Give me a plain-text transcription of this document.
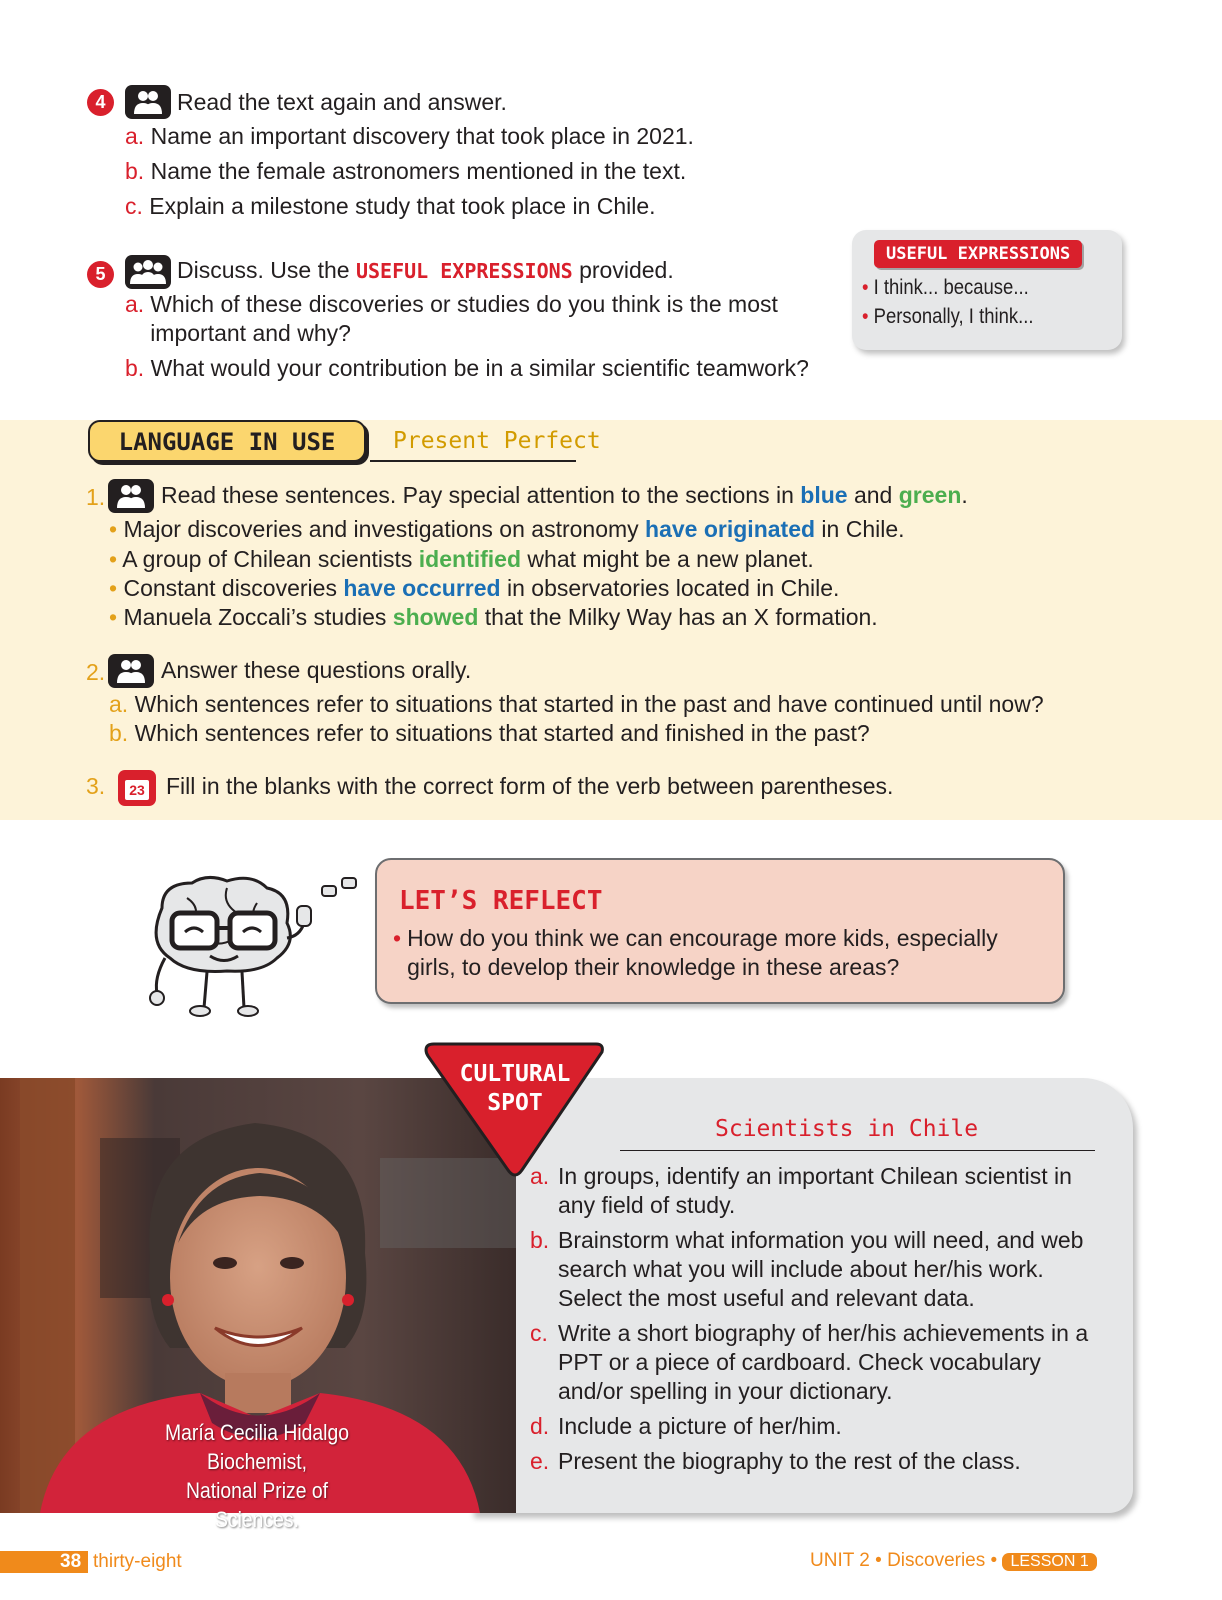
4	Read the text again and answer.
a. Name an important discovery that took place in 2021.
b. Name the female astronomers mentioned in the text.
c. Explain a milestone study that took place in Chile.
5	Discuss. Use the USEFUL EXPRESSIONS provided.
a. Which of these discoveries or studies do you think is the most important and why?
b. What would your contribution be in a similar scientific teamwork?
USEFUL EXPRESSIONS
• I think... because...
• Personally, I think...
LANGUAGE IN USE	Present Perfect
1. Read these sentences. Pay special attention to the sections in blue and green.
• Major discoveries and investigations on astronomy have originated in Chile.
• A group of Chilean scientists identified what might be a new planet.
• Constant discoveries have occurred in observatories located in Chile.
• Manuela Zoccali’s studies showed that the Milky Way has an X formation.
2. Answer these questions orally.
a. Which sentences refer to situations that started in the past and have continued until now?
b. Which sentences refer to situations that started and finished in the past?
3.	23 Fill in the blanks with the correct form of the verb between parentheses.
LET’S REFLECT
• How do you think we can encourage more kids, especially girls, to develop their knowledge in these areas?
María Cecilia Hidalgo
Biochemist,
National Prize of Sciences.
CULTURAL
SPOT
Scientists in Chile
a. In groups, identify an important Chilean scientist in any field of study.
b. Brainstorm what information you will need, and web search what you will include about her/his work. Select the most useful and relevant data.
c. Write a short biography of her/his achievements in a PPT or a piece of cardboard. Check vocabulary and/or spelling in your dictionary.
d. Include a picture of her/him.
e. Present the biography to the rest of the class.
38 thirty-eight	UNIT 2 • Discoveries • LESSON 1
